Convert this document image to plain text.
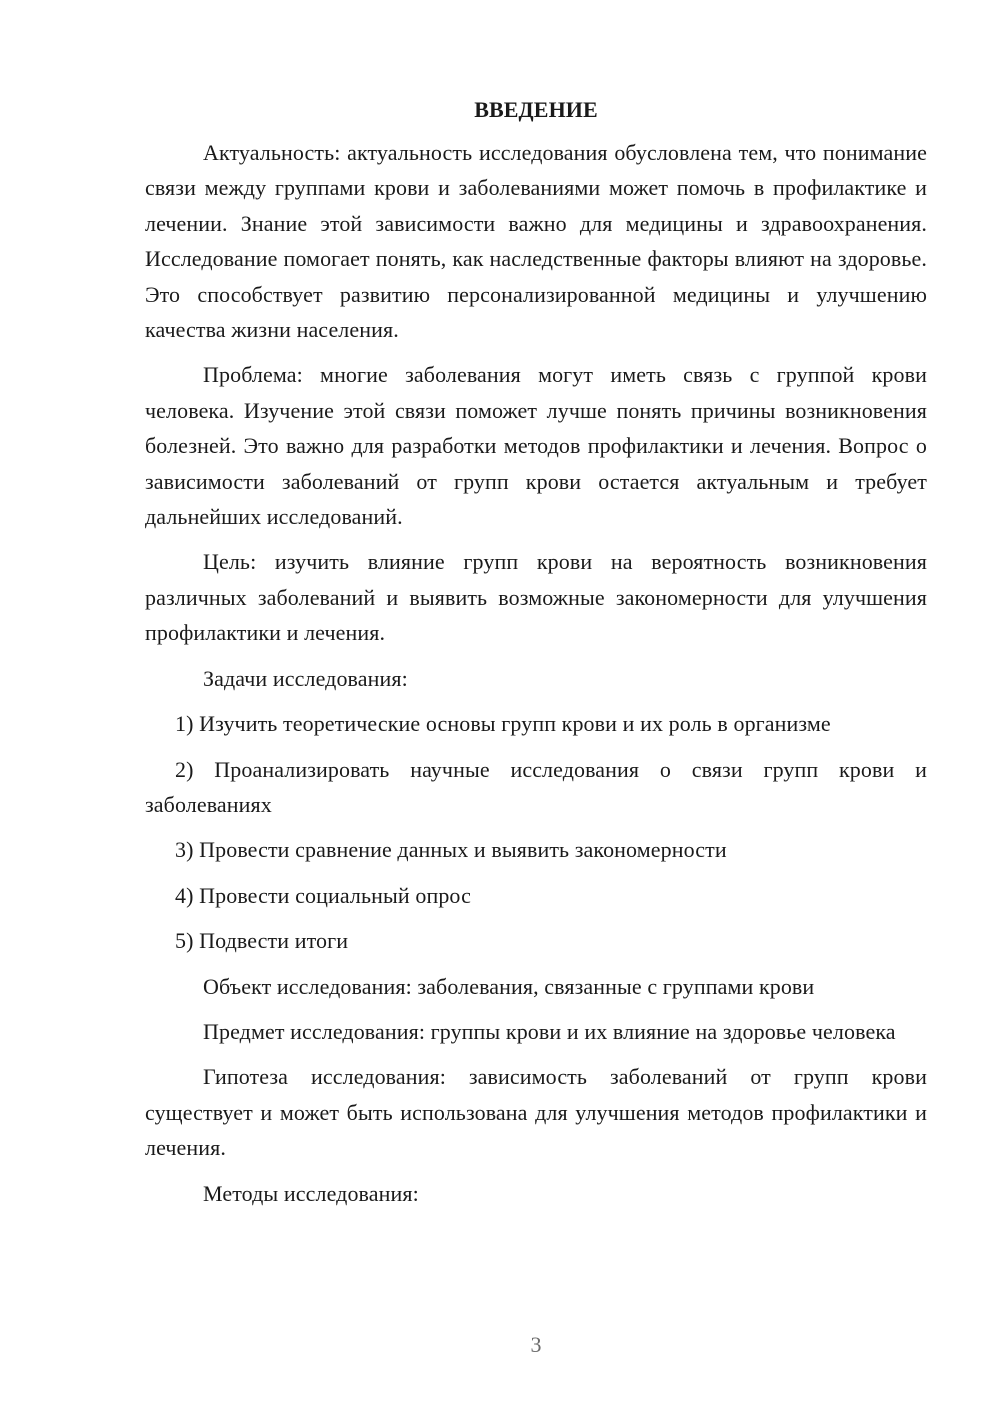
ВВЕДЕНИЕ

Актуальность: актуальность исследования обусловлена тем, что понимание связи между группами крови и заболеваниями может помочь в профилактике и лечении. Знание этой зависимости важно для медицины и здравоохранения. Исследование помогает понять, как наследственные факторы влияют на здоровье. Это способствует развитию персонализированной медицины и улучшению качества жизни населения.

Проблема: многие заболевания могут иметь связь с группой крови человека. Изучение этой связи поможет лучше понять причины возникновения болезней. Это важно для разработки методов профилактики и лечения. Вопрос о зависимости заболеваний от групп крови остается актуальным и требует дальнейших исследований.

Цель: изучить влияние групп крови на вероятность возникновения различных заболеваний и выявить возможные закономерности для улучшения профилактики и лечения.

Задачи исследования:

1) Изучить теоретические основы групп крови и их роль в организме

2) Проанализировать научные исследования о связи групп крови и заболеваниях

3) Провести сравнение данных и выявить закономерности

4) Провести социальный опрос

5) Подвести итоги

Объект исследования: заболевания, связанные с группами крови

Предмет исследования: группы крови и их влияние на здоровье человека

Гипотеза исследования: зависимость заболеваний от групп крови существует и может быть использована для улучшения методов профилактики и лечения.

Методы исследования:

3
